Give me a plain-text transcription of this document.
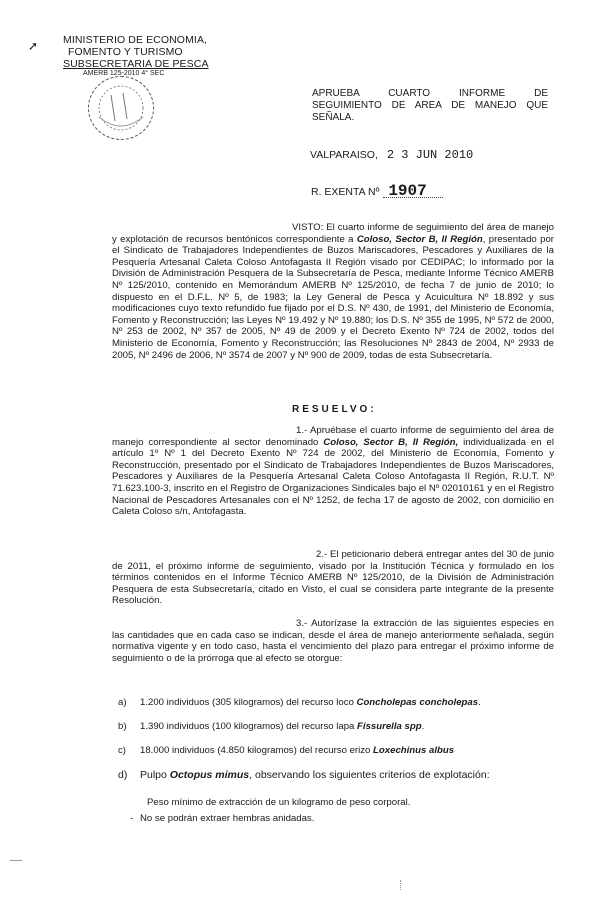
➚ MINISTERIO DE ECONOMIA,
FOMENTO Y TURISMO
SUBSECRETARIA DE PESCA
AMERB 125-2010 4° SEC
APRUEBA CUARTO INFORME DE
SEGUIMIENTO DE AREA DE MANEJO QUE
SEÑALA.
VALPARAISO, 2 3 JUN 2010
R. EXENTA Nº 1907
VISTO: El cuarto informe de seguimiento del área de manejo y explotación de recursos bentónicos correspondiente a Coloso, Sector B, II Región, presentado por el Sindicato de Trabajadores Independientes de Buzos Mariscadores, Pescadores y Auxiliares de la Pesquería Artesanal Caleta Coloso Antofagasta II Región visado por CEDIPAC; lo informado por la División de Administración Pesquera de la Subsecretaría de Pesca, mediante Informe Técnico AMERB Nº 125/2010, contenido en Memorándum AMERB Nº 125/2010, de fecha 7 de junio de 2010; lo dispuesto en el D.F.L. Nº 5, de 1983; la Ley General de Pesca y Acuicultura Nº 18.892 y sus modificaciones cuyo texto refundido fue fijado por el D.S. Nº 430, de 1991, del Ministerio de Economía, Fomento y Reconstrucción; las Leyes Nº 19.492 y Nº 19.880; los D.S. Nº 355 de 1995, Nº 572 de 2000, Nº 253 de 2002, Nº 357 de 2005, Nº 49 de 2009 y el Decreto Exento Nº 724 de 2002, todos del Ministerio de Economía, Fomento y Reconstrucción; las Resoluciones Nº 2843 de 2004, Nº 2933 de 2005, Nº 2496 de 2006, Nº 3574 de 2007 y Nº 900 de 2009, todas de esta Subsecretaría.
RESUELVO:
1.- Apruébase el cuarto informe de seguimiento del área de manejo correspondiente al sector denominado Coloso, Sector B, II Región, individualizada en el artículo 1º Nº 1 del Decreto Exento Nº 724 de 2002, del Ministerio de Economía, Fomento y Reconstrucción, presentado por el Sindicato de Trabajadores Independientes de Buzos Mariscadores, Pescadores y Auxiliares de la Pesquería Artesanal Caleta Coloso Antofagasta II Región, R.U.T. Nº 71.623.100-3, inscrito en el Registro de Organizaciones Sindicales bajo el Nº 02010161 y en el Registro Nacional de Pescadores Artesanales con el Nº 1252, de fecha 17 de agosto de 2002, con domicilio en Caleta Coloso s/n, Antofagasta.
2.- El peticionario deberá entregar antes del 30 de junio de 2011, el próximo informe de seguimiento, visado por la Institución Técnica y formulado en los términos contenidos en el Informe Técnico AMERB Nº 125/2010, de la División de Administración Pesquera de esta Subsecretaría, citado en Visto, el cual se considera parte integrante de la presente Resolución.
3.- Autorízase la extracción de las siguientes especies en las cantidades que en cada caso se indican, desde el área de manejo anteriormente señalada, según normativa vigente y en todo caso, hasta el vencimiento del plazo para entregar el próximo informe de seguimiento o de la prórroga que al efecto se otorgue:
a) 1.200 individuos (305 kilogramos) del recurso loco Concholepas concholepas.
b) 1.390 individuos (100 kilogramos) del recurso lapa Fissurella spp.
c) 18.000 individuos (4.850 kilogramos) del recurso erizo Loxechinus albus
d) Pulpo Octopus mimus, observando los siguientes criterios de explotación:
Peso mínimo de extracción de un kilogramo de peso corporal.
- No se podrán extraer hembras anidadas.
